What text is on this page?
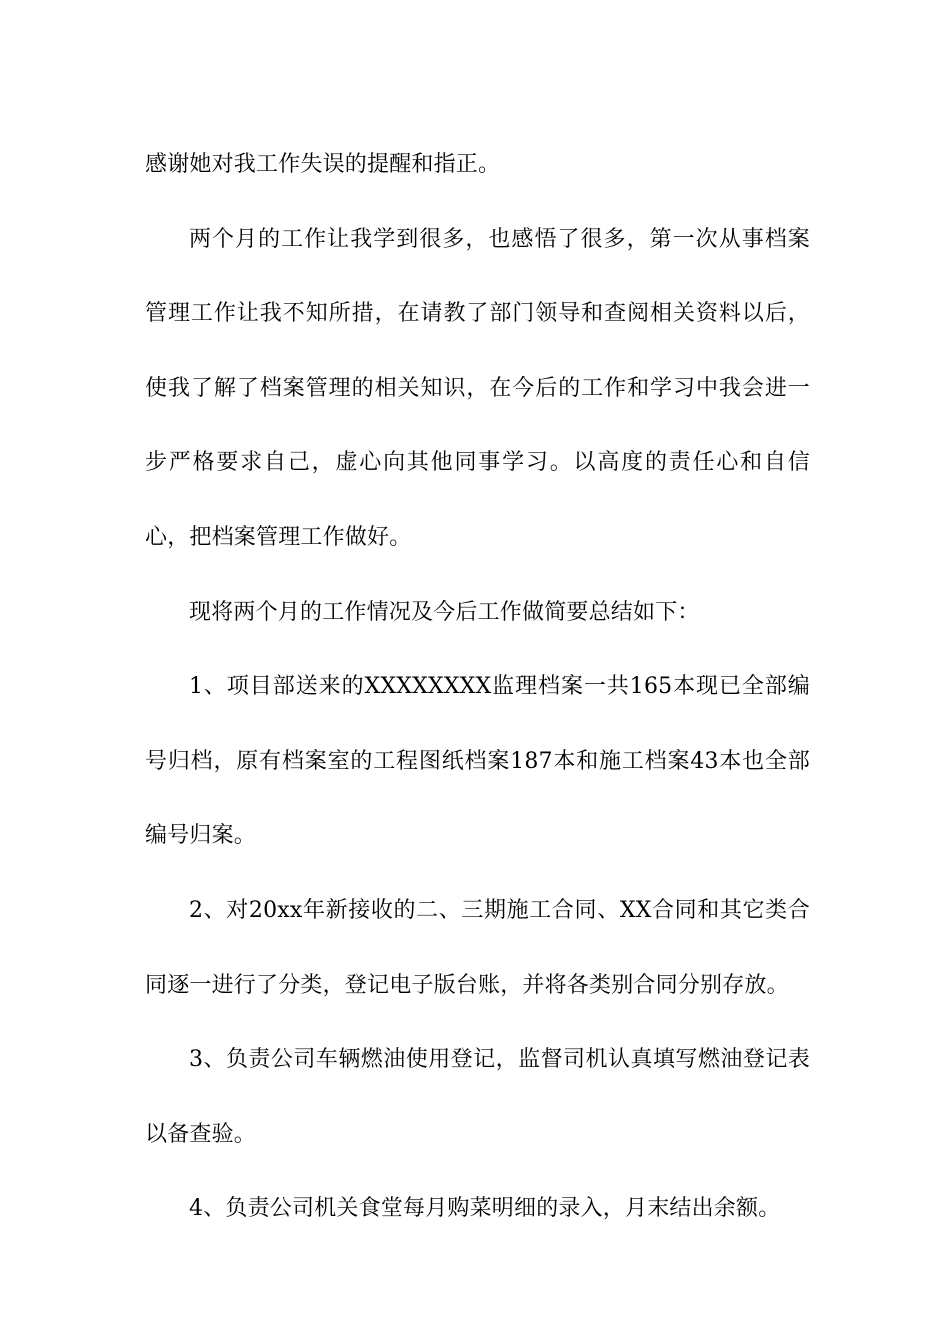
感谢她对我工作失误的提醒和指正。

两个月的工作让我学到很多，也感悟了很多，第一次从事档案管理工作让我不知所措，在请教了部门领导和查阅相关资料以后，使我了解了档案管理的相关知识，在今后的工作和学习中我会进一步严格要求自己，虚心向其他同事学习。以高度的责任心和自信心，把档案管理工作做好。

现将两个月的工作情况及今后工作做简要总结如下：

1、项目部送来的XXXXXXXX监理档案一共165本现已全部编号归档，原有档案室的工程图纸档案187本和施工档案43本也全部编号归案。

2、对20xx年新接收的二、三期施工合同、XX合同和其它类合同逐一进行了分类，登记电子版台账，并将各类别合同分别存放。

3、负责公司车辆燃油使用登记，监督司机认真填写燃油登记表以备查验。

4、负责公司机关食堂每月购菜明细的录入，月末结出余额。
